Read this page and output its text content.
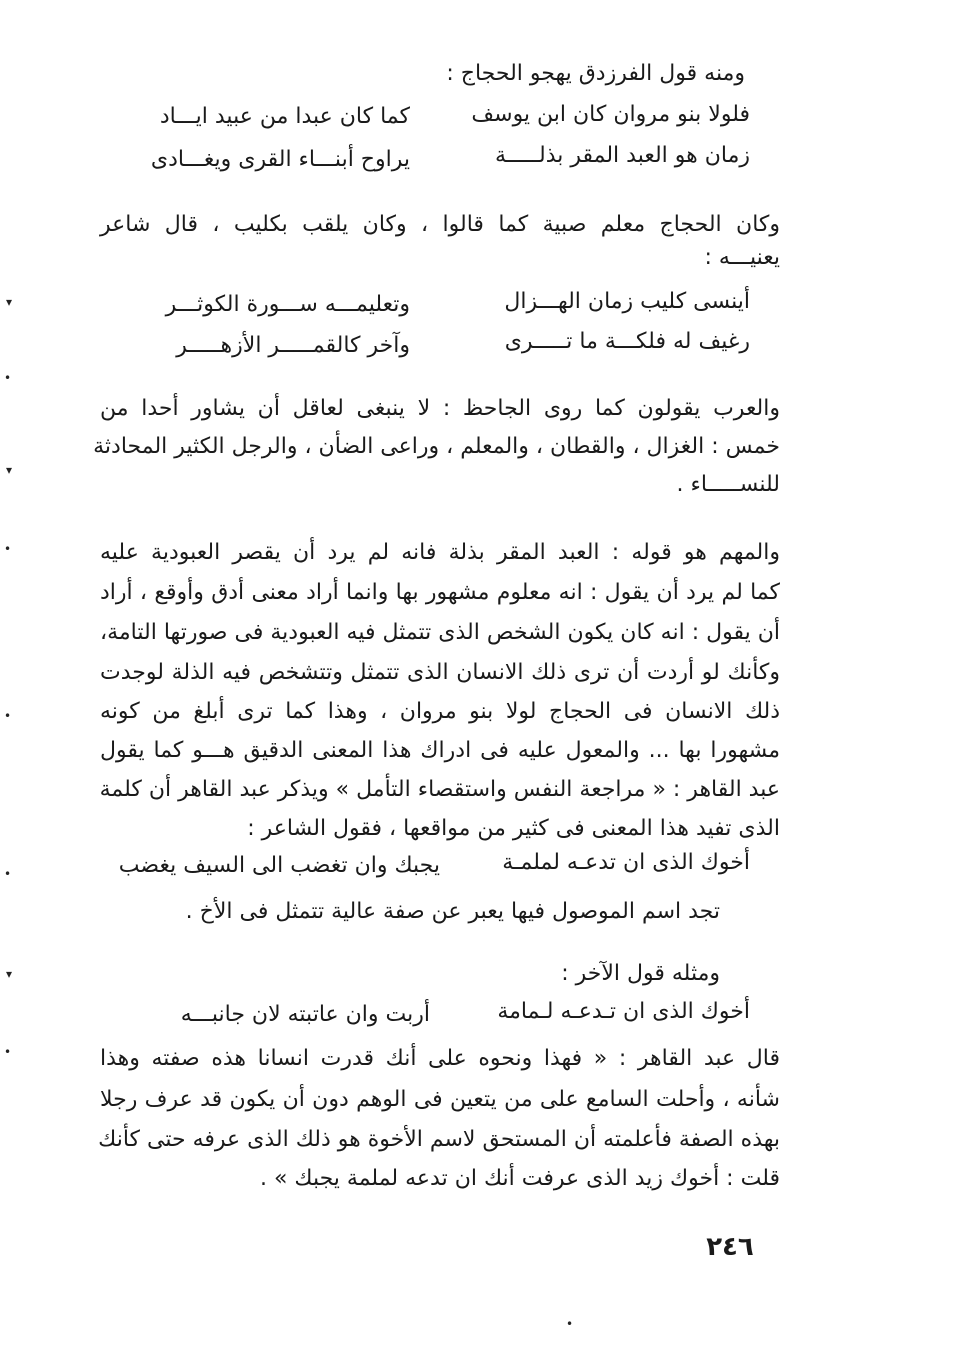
ومنه قول الفرزدق يهجو الحجاج :
فلولا بنو مروان كان ابن يوسف
كما كان عبدا من عبيد ايـــاد
زمان هو العبد المقر بذلـــــة
يراوح أبنـــاء القرى ويغـــادى
وكان الحجاج معلم صبية كما قالوا ، وكان يلقب بكليب ، قال شاعر
يعنيـــه :
أينسى كليب زمان الهـــزال
وتعليمـــه ســـورة الكوثـــر
رغيف له فلكـــة ما تـــــرى
وآخر كالقمـــــر الأزهـــــر
والعرب يقولون كما روى الجاحظ : لا ينبغى لعاقل أن يشاور أحدا من
خمس : الغزال ، والقطان ، والمعلم ، وراعى الضأن ، والرجل الكثير المحادثة
للنســـــاء .
والمهم هو قوله : العبد المقر بذلة فانه لم يرد أن يقصر العبودية عليه
كما لم يرد أن يقول : انه معلوم مشهور بها وانما أراد معنى أدق وأوقع ، أراد
أن يقول : انه كان يكون الشخص الذى تتمثل فيه العبودية فى صورتها التامة،
وكأنك لو أردت أن ترى ذلك الانسان الذى تتمثل وتتشخص فيه الذلة لوجدت
ذلك الانسان فى الحجاج لولا بنو مروان ، وهذا كما ترى أبلغ من كونه
مشهورا بها ... والمعول عليه فى ادراك هذا المعنى الدقيق هـــو كما يقول
عبد القاهر : « مراجعة النفس واستقصاء التأمل » ويذكر عبد القاهر أن كلمة
الذى تفيد هذا المعنى فى كثير من مواقعها ، فقول الشاعر :
أخوك الذى ان تدعـه لملمـة
يجبك وان تغضب الى السيف يغضب
تجد اسم الموصول فيها يعبر عن صفة عالية تتمثل فى الأخ .
ومثله قول الآخر :
أخوك الذى ان تـدعـه لـمامة
أربت وان عاتبته لان جانبـــه
قال عبد القاهر : « فهذا ونحوه على أنك قدرت انسانا هذه صفته وهذا
شأنه ، وأحلت السامع على من يتعين فى الوهم دون أن يكون قد عرف رجلا
بهذه الصفة فأعلمته أن المستحق لاسم الأخوة هو ذلك الذى عرفه حتى كأنك
قلت : أخوك زيد الذى عرفت أنك ان تدعه لملمة يجبك » .
٢٤٦
▾
•
▾
•
•
•
▾
•
•
